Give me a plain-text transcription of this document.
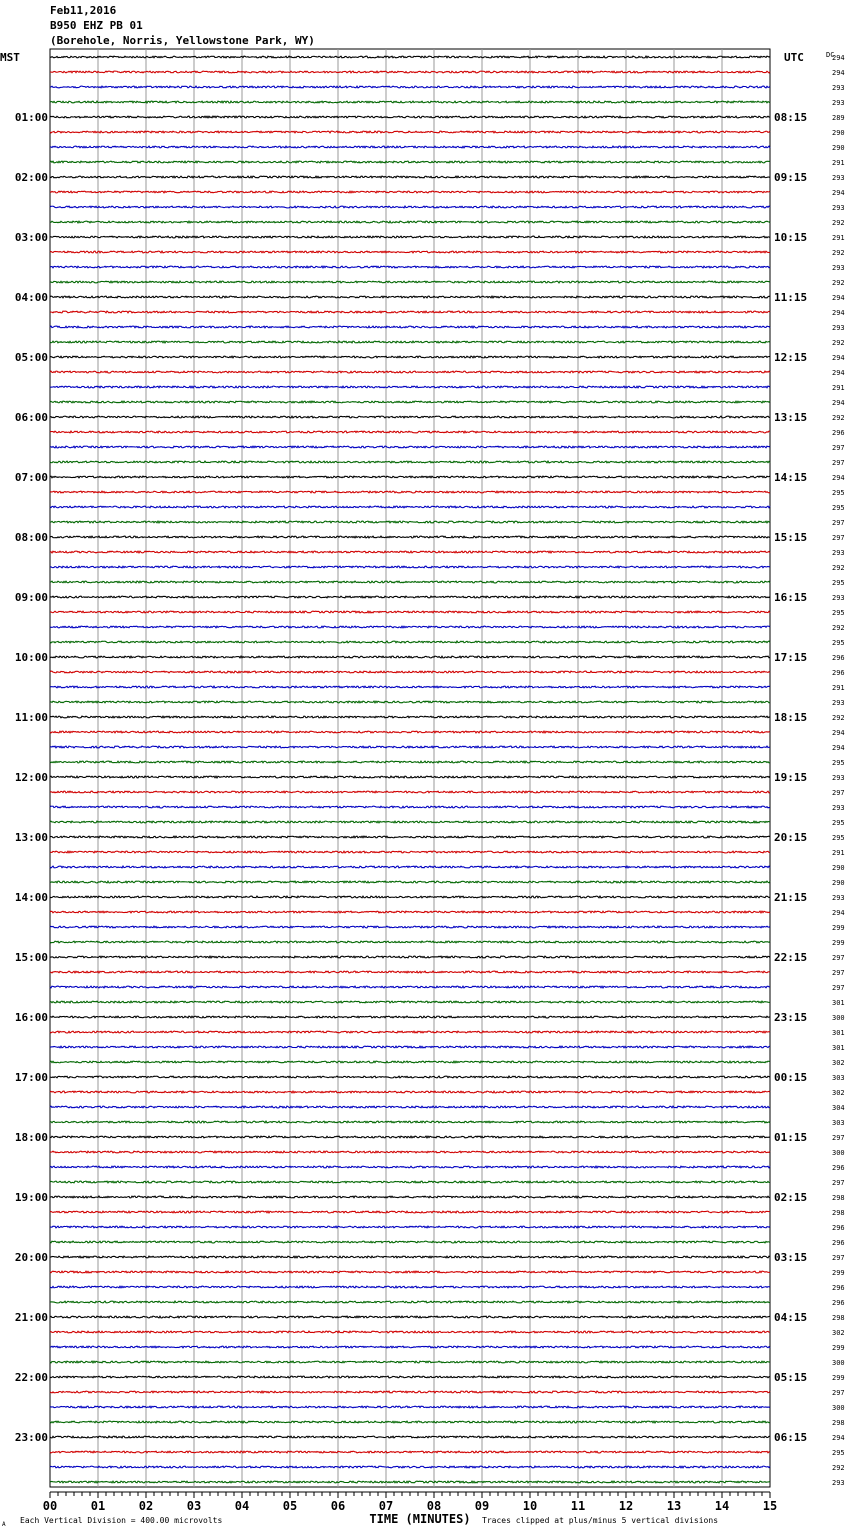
Feb11,2016
B950 EHZ PB 01
(Borehole, Norris, Yellowstone Park, WY)
294
294
293
293
289
290
290
291
293
294
293
292
291
292
293
292
294
294
293
292
294
294
291
294
292
296
297
297
294
295
295
297
297
293
292
295
293
295
292
295
296
296
291
293
292
294
294
295
293
297
293
295
295
291
290
290
293
294
299
299
297
297
297
301
300
301
301
302
303
302
304
303
297
300
296
297
298
298
296
296
297
299
296
296
298
302
299
300
299
297
300
298
294
295
292
293
MST	UTC
01:00	08:15
02:00	09:15
03:00	10:15
04:00	11:15
05:00	12:15
06:00	13:15
07:00	14:15
08:00	15:15
09:00	16:15
10:00	17:15
11:00	18:15
12:00	19:15
13:00	20:15
14:00	21:15
15:00	22:15
16:00	23:15
17:00	00:15
18:00	01:15
19:00	02:15
20:00	03:15
21:00	04:15
22:00	05:15
23:00	06:15
DC
00	01	02	03	04	05	06	07	08	09	10	11	12	13	14	15
TIME (MINUTES)
Each Vertical Division = 400.00 microvolts	Traces clipped at plus/minus 5 vertical divisions
A
